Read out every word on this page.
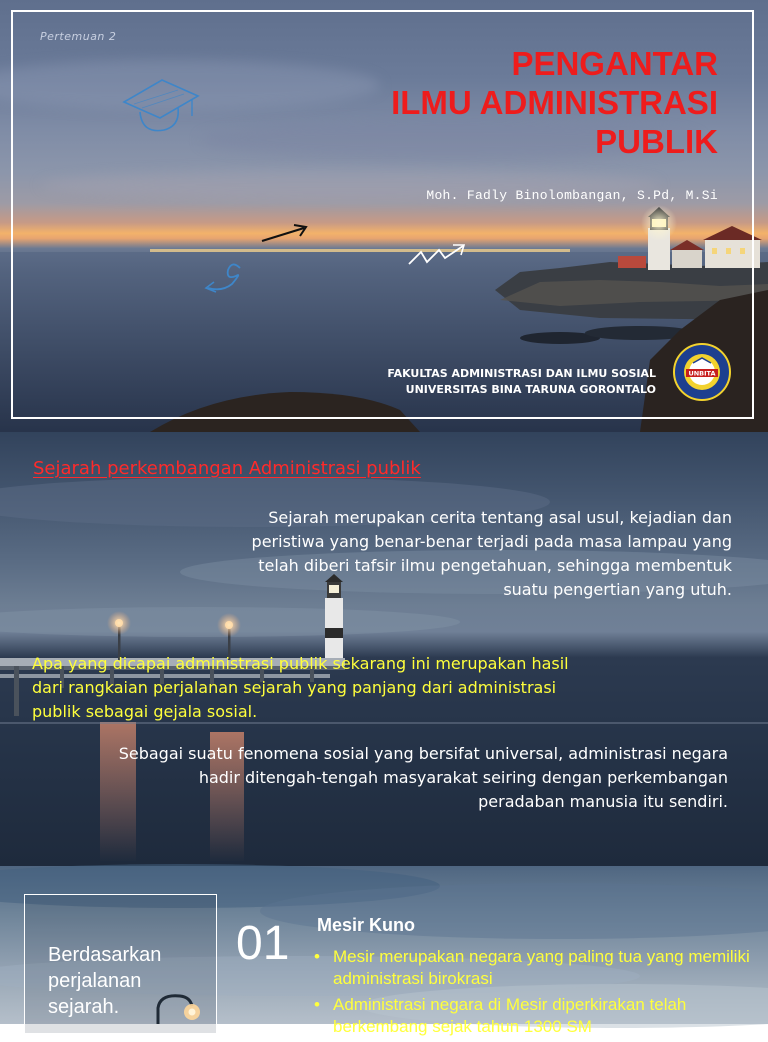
Pertemuan 2
PENGANTAR
ILMU ADMINISTRASI
PUBLIK
Moh. Fadly Binolombangan, S.Pd, M.Si
FAKULTAS ADMINISTRASI DAN ILMU SOSIAL
UNIVERSITAS BINA TARUNA GORONTALO
UNBITA
Sejarah perkembangan Administrasi publik
Sejarah merupakan cerita tentang asal usul, kejadian dan peristiwa yang benar-benar terjadi pada masa lampau yang telah diberi tafsir ilmu pengetahuan, sehingga membentuk suatu pengertian yang utuh.
Apa yang dicapai administrasi publik sekarang ini merupakan hasil dari rangkaian perjalanan sejarah yang panjang dari administrasi publik sebagai gejala sosial.
Sebagai suatu fenomena sosial yang bersifat universal, administrasi negara hadir ditengah-tengah masyarakat seiring dengan perkembangan peradaban manusia itu sendiri.
Berdasarkan
perjalanan
sejarah.
01 Mesir Kuno
• Mesir merupakan negara yang paling tua yang memiliki administrasi birokrasi
• Administrasi negara di Mesir diperkirakan telah berkembang sejak tahun 1300 SM
